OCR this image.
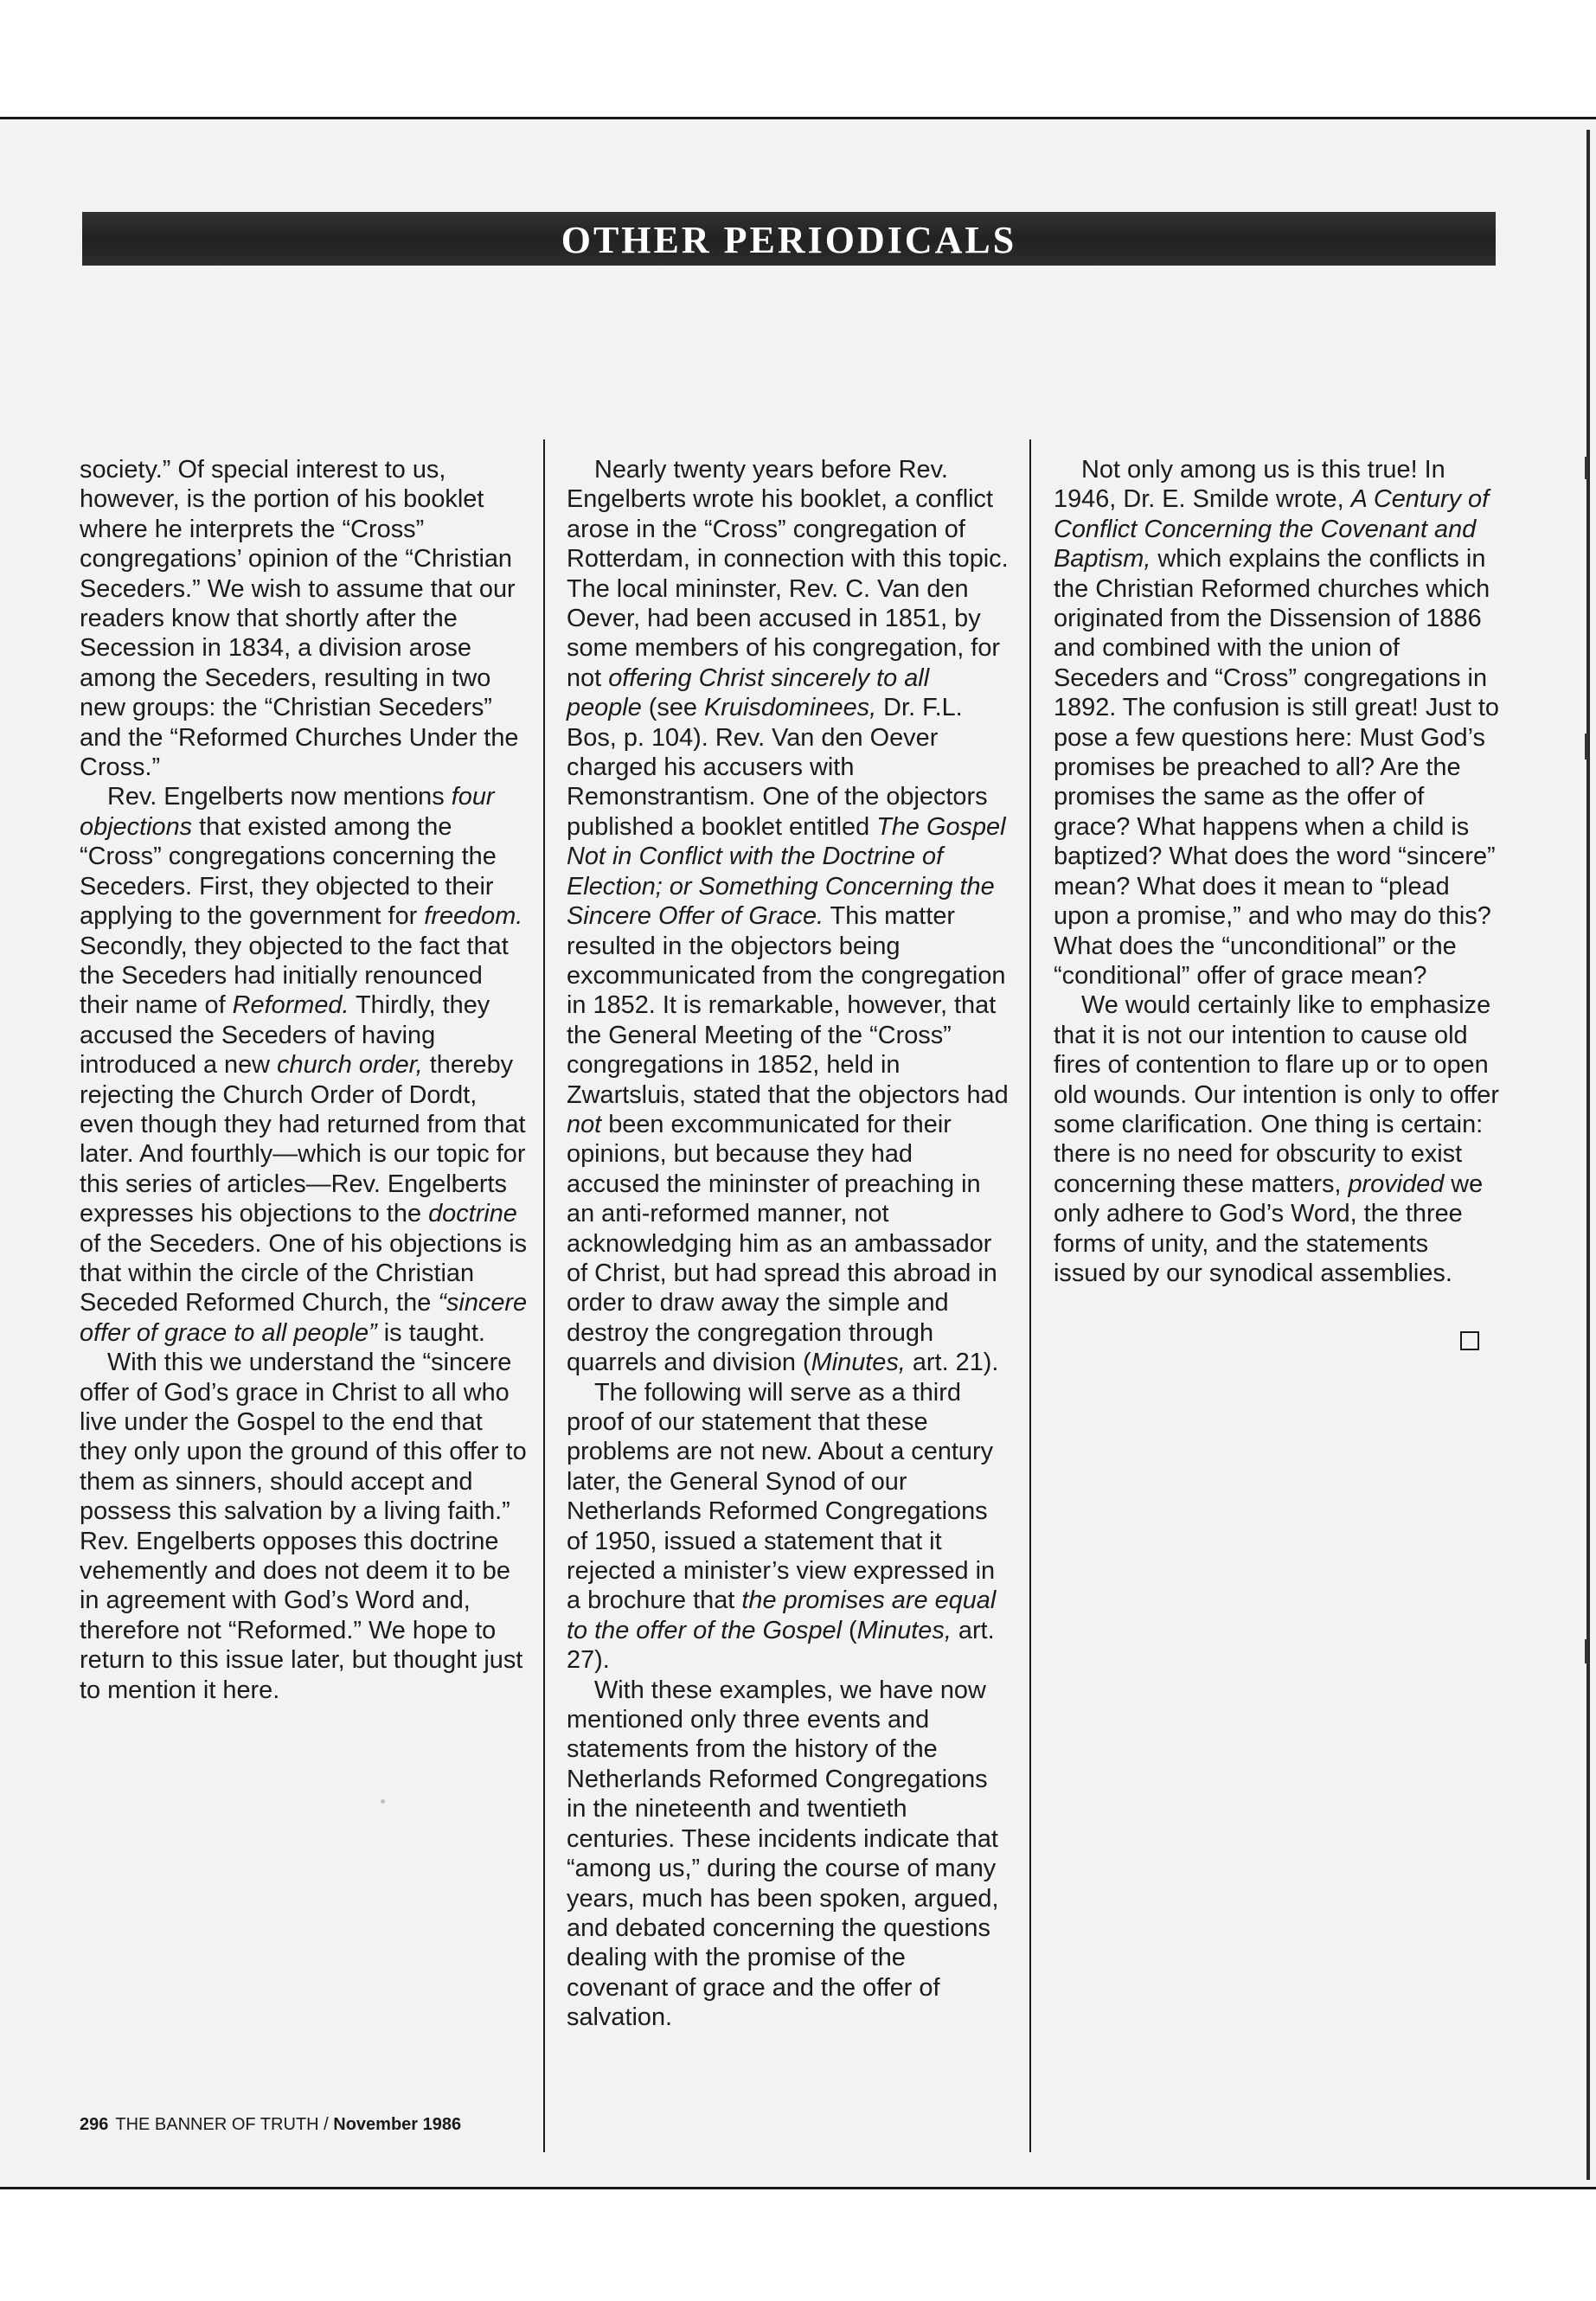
OTHER PERIODICALS

society.” Of special interest to us, however, is the portion of his booklet where he interprets the “Cross” congregations’ opinion of the “Christian Seceders.” We wish to assume that our readers know that shortly after the Secession in 1834, a division arose among the Seceders, resulting in two new groups: the “Christian Seceders” and the “Reformed Churches Under the Cross.”

Rev. Engelberts now mentions four objections that existed among the “Cross” congregations concerning the Seceders. First, they objected to their applying to the government for freedom. Secondly, they objected to the fact that the Seceders had initially renounced their name of Reformed. Thirdly, they accused the Seceders of having introduced a new church order, thereby rejecting the Church Order of Dordt, even though they had returned from that later. And fourthly—which is our topic for this series of articles—Rev. Engelberts expresses his objections to the doctrine of the Seceders. One of his objections is that within the circle of the Christian Seceded Reformed Church, the “sincere offer of grace to all people” is taught.

With this we understand the “sincere offer of God’s grace in Christ to all who live under the Gospel to the end that they only upon the ground of this offer to them as sinners, should accept and possess this salvation by a living faith.” Rev. Engelberts opposes this doctrine vehemently and does not deem it to be in agreement with God’s Word and, therefore not “Reformed.” We hope to return to this issue later, but thought just to mention it here.

Nearly twenty years before Rev. Engelberts wrote his booklet, a conflict arose in the “Cross” congregation of Rotterdam, in connection with this topic. The local mininster, Rev. C. Van den Oever, had been accused in 1851, by some members of his congregation, for not offering Christ sincerely to all people (see Kruisdominees, Dr. F.L. Bos, p. 104). Rev. Van den Oever charged his accusers with Remonstrantism. One of the objectors published a booklet entitled The Gospel Not in Conflict with the Doctrine of Election; or Something Concerning the Sincere Offer of Grace. This matter resulted in the objectors being excommunicated from the congregation in 1852. It is remarkable, however, that the General Meeting of the “Cross” congregations in 1852, held in Zwartsluis, stated that the objectors had not been excommunicated for their opinions, but because they had accused the mininster of preaching in an anti-reformed manner, not acknowledging him as an ambassador of Christ, but had spread this abroad in order to draw away the simple and destroy the congregation through quarrels and division (Minutes, art. 21).

The following will serve as a third proof of our statement that these problems are not new. About a century later, the General Synod of our Netherlands Reformed Congregations of 1950, issued a statement that it rejected a minister’s view expressed in a brochure that the promises are equal to the offer of the Gospel (Minutes, art. 27).

With these examples, we have now mentioned only three events and statements from the history of the Netherlands Reformed Congregations in the nineteenth and twentieth centuries. These incidents indicate that “among us,” during the course of many years, much has been spoken, argued, and debated concerning the questions dealing with the promise of the covenant of grace and the offer of salvation.

Not only among us is this true! In 1946, Dr. E. Smilde wrote, A Century of Conflict Concerning the Covenant and Baptism, which explains the conflicts in the Christian Reformed churches which originated from the Dissension of 1886 and combined with the union of Seceders and “Cross” congregations in 1892. The confusion is still great! Just to pose a few questions here: Must God’s promises be preached to all? Are the promises the same as the offer of grace? What happens when a child is baptized? What does the word “sincere” mean? What does it mean to “plead upon a promise,” and who may do this? What does the “unconditional” or the “conditional” offer of grace mean?

We would certainly like to emphasize that it is not our intention to cause old fires of contention to flare up or to open old wounds. Our intention is only to offer some clarification. One thing is certain: there is no need for obscurity to exist concerning these matters, provided we only adhere to God’s Word, the three forms of unity, and the statements issued by our synodical assemblies.

296 THE BANNER OF TRUTH / November 1986
